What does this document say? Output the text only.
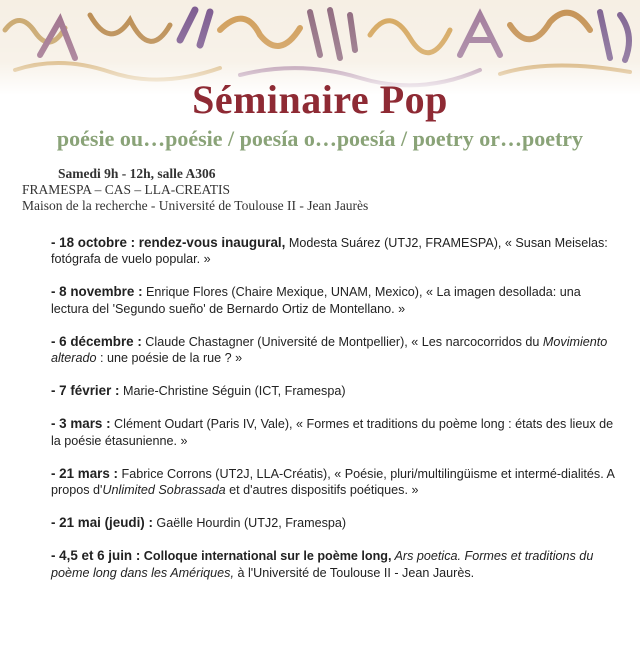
Séminaire Pop
poésie ou…poésie / poesía o…poesía / poetry or…poetry
Samedi 9h - 12h, salle A306
FRAMESPA – CAS – LLA-CREATIS
Maison de la recherche - Université de Toulouse II - Jean Jaurès
- 18 octobre : rendez-vous inaugural, Modesta Suárez (UTJ2, FRAMESPA), « Susan Meiselas: fotógrafa de vuelo popular. »
- 8 novembre : Enrique Flores (Chaire Mexique, UNAM, Mexico), « La imagen desollada: una lectura del 'Segundo sueño' de Bernardo Ortiz de Montellano. »
- 6 décembre : Claude Chastagner (Université de Montpellier), « Les narcocorridos du Movimiento alterado : une poésie de la rue ? »
- 7 février : Marie-Christine Séguin (ICT, Framespa)
- 3 mars : Clément Oudart (Paris IV, Vale), « Formes et traditions du poème long : états des lieux de la poésie étasunienne. »
- 21 mars : Fabrice Corrons (UT2J, LLA-Créatis), « Poésie, pluri/multilingüisme et intermé-dialités. A propos d'Unlimited Sobrassada et d'autres dispositifs poétiques. »
- 21 mai (jeudi) : Gaëlle Hourdin (UTJ2, Framespa)
- 4,5 et 6 juin : Colloque international sur le poème long, Ars poetica. Formes et traditions du poème long dans les Amériques, à l'Université de Toulouse II - Jean Jaurès.
